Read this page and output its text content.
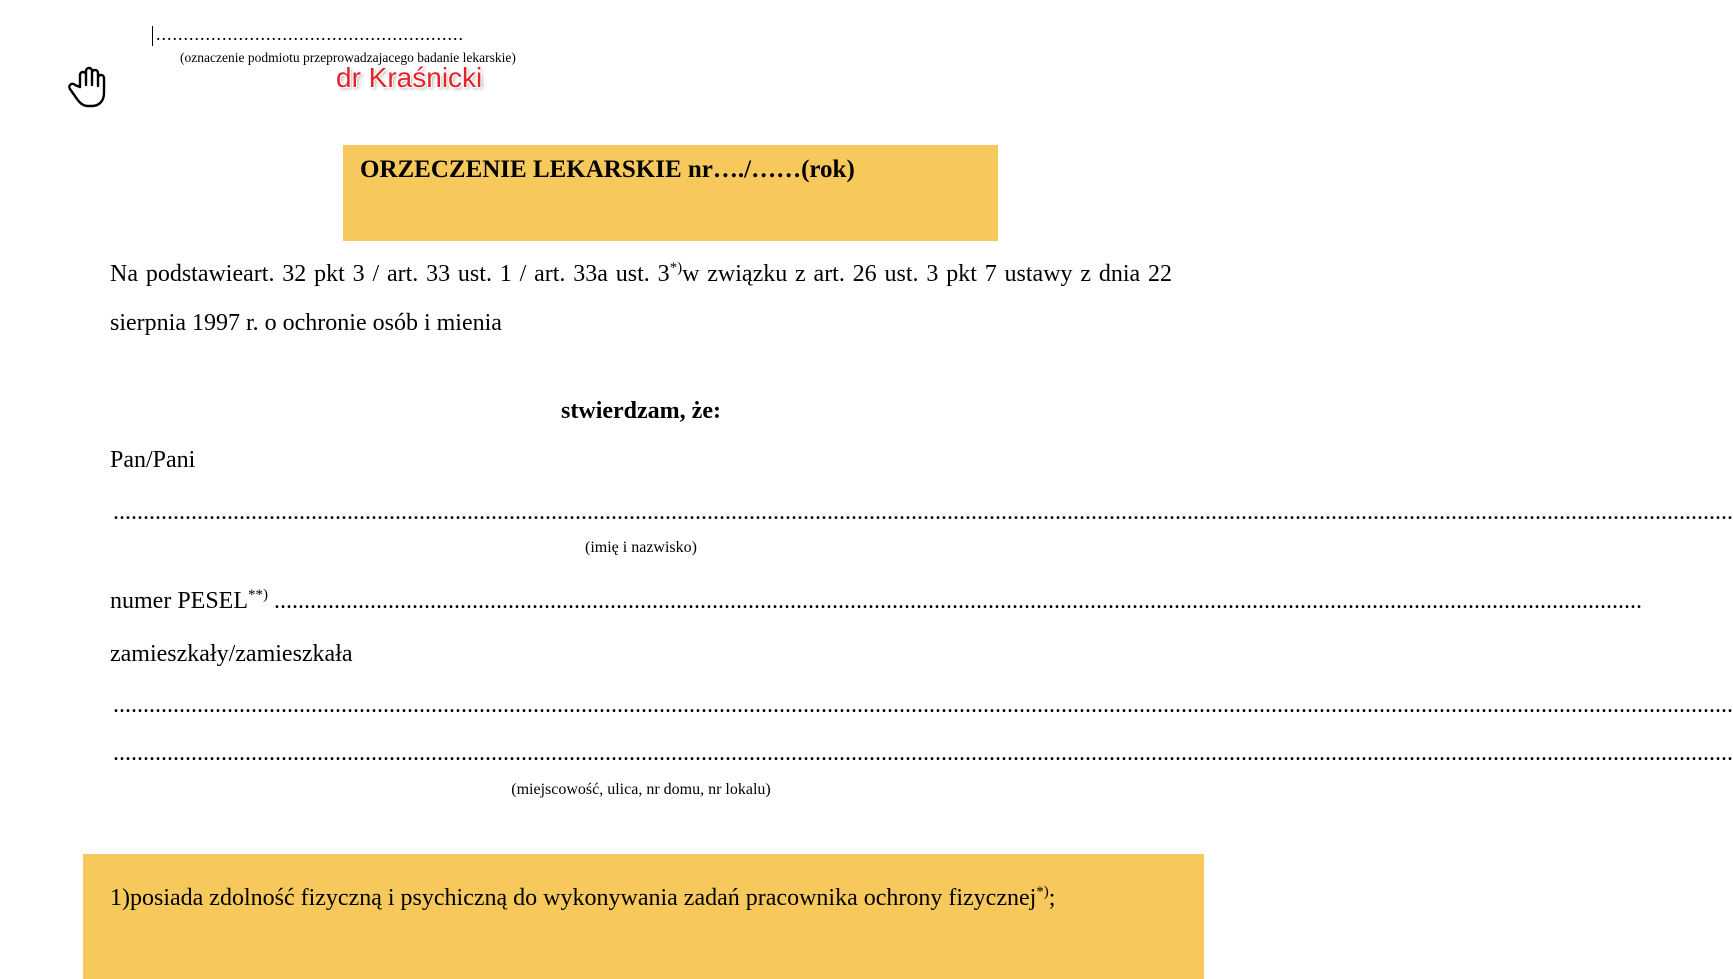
........................................................
(oznaczenie podmiotu przeprowadzajacego badanie lekarskie)
dr Kraśnicki
ORZECZENIE LEKARSKIE nr…./……(rok)
Na podstawieart. 32 pkt 3 / art. 33 ust. 1 / art. 33a ust. 3*)w związku z art. 26 ust. 3 pkt 7 ustawy z dnia 22 sierpnia 1997 r. o ochronie osób i mienia
stwierdzam, że:
Pan/Pani
..............................................................................................................................................................................................................................................................................
(imię i nazwisko)
numer PESEL**) ....................................................................................................................................................................................................................................
zamieszkały/zamieszkała
..............................................................................................................................................................................................................................................................................
..............................................................................................................................................................................................................................................................................
(miejscowość, ulica, nr domu, nr lokalu)
1)posiada zdolność fizyczną i psychiczną do wykonywania zadań pracownika ochrony fizycznej*);
